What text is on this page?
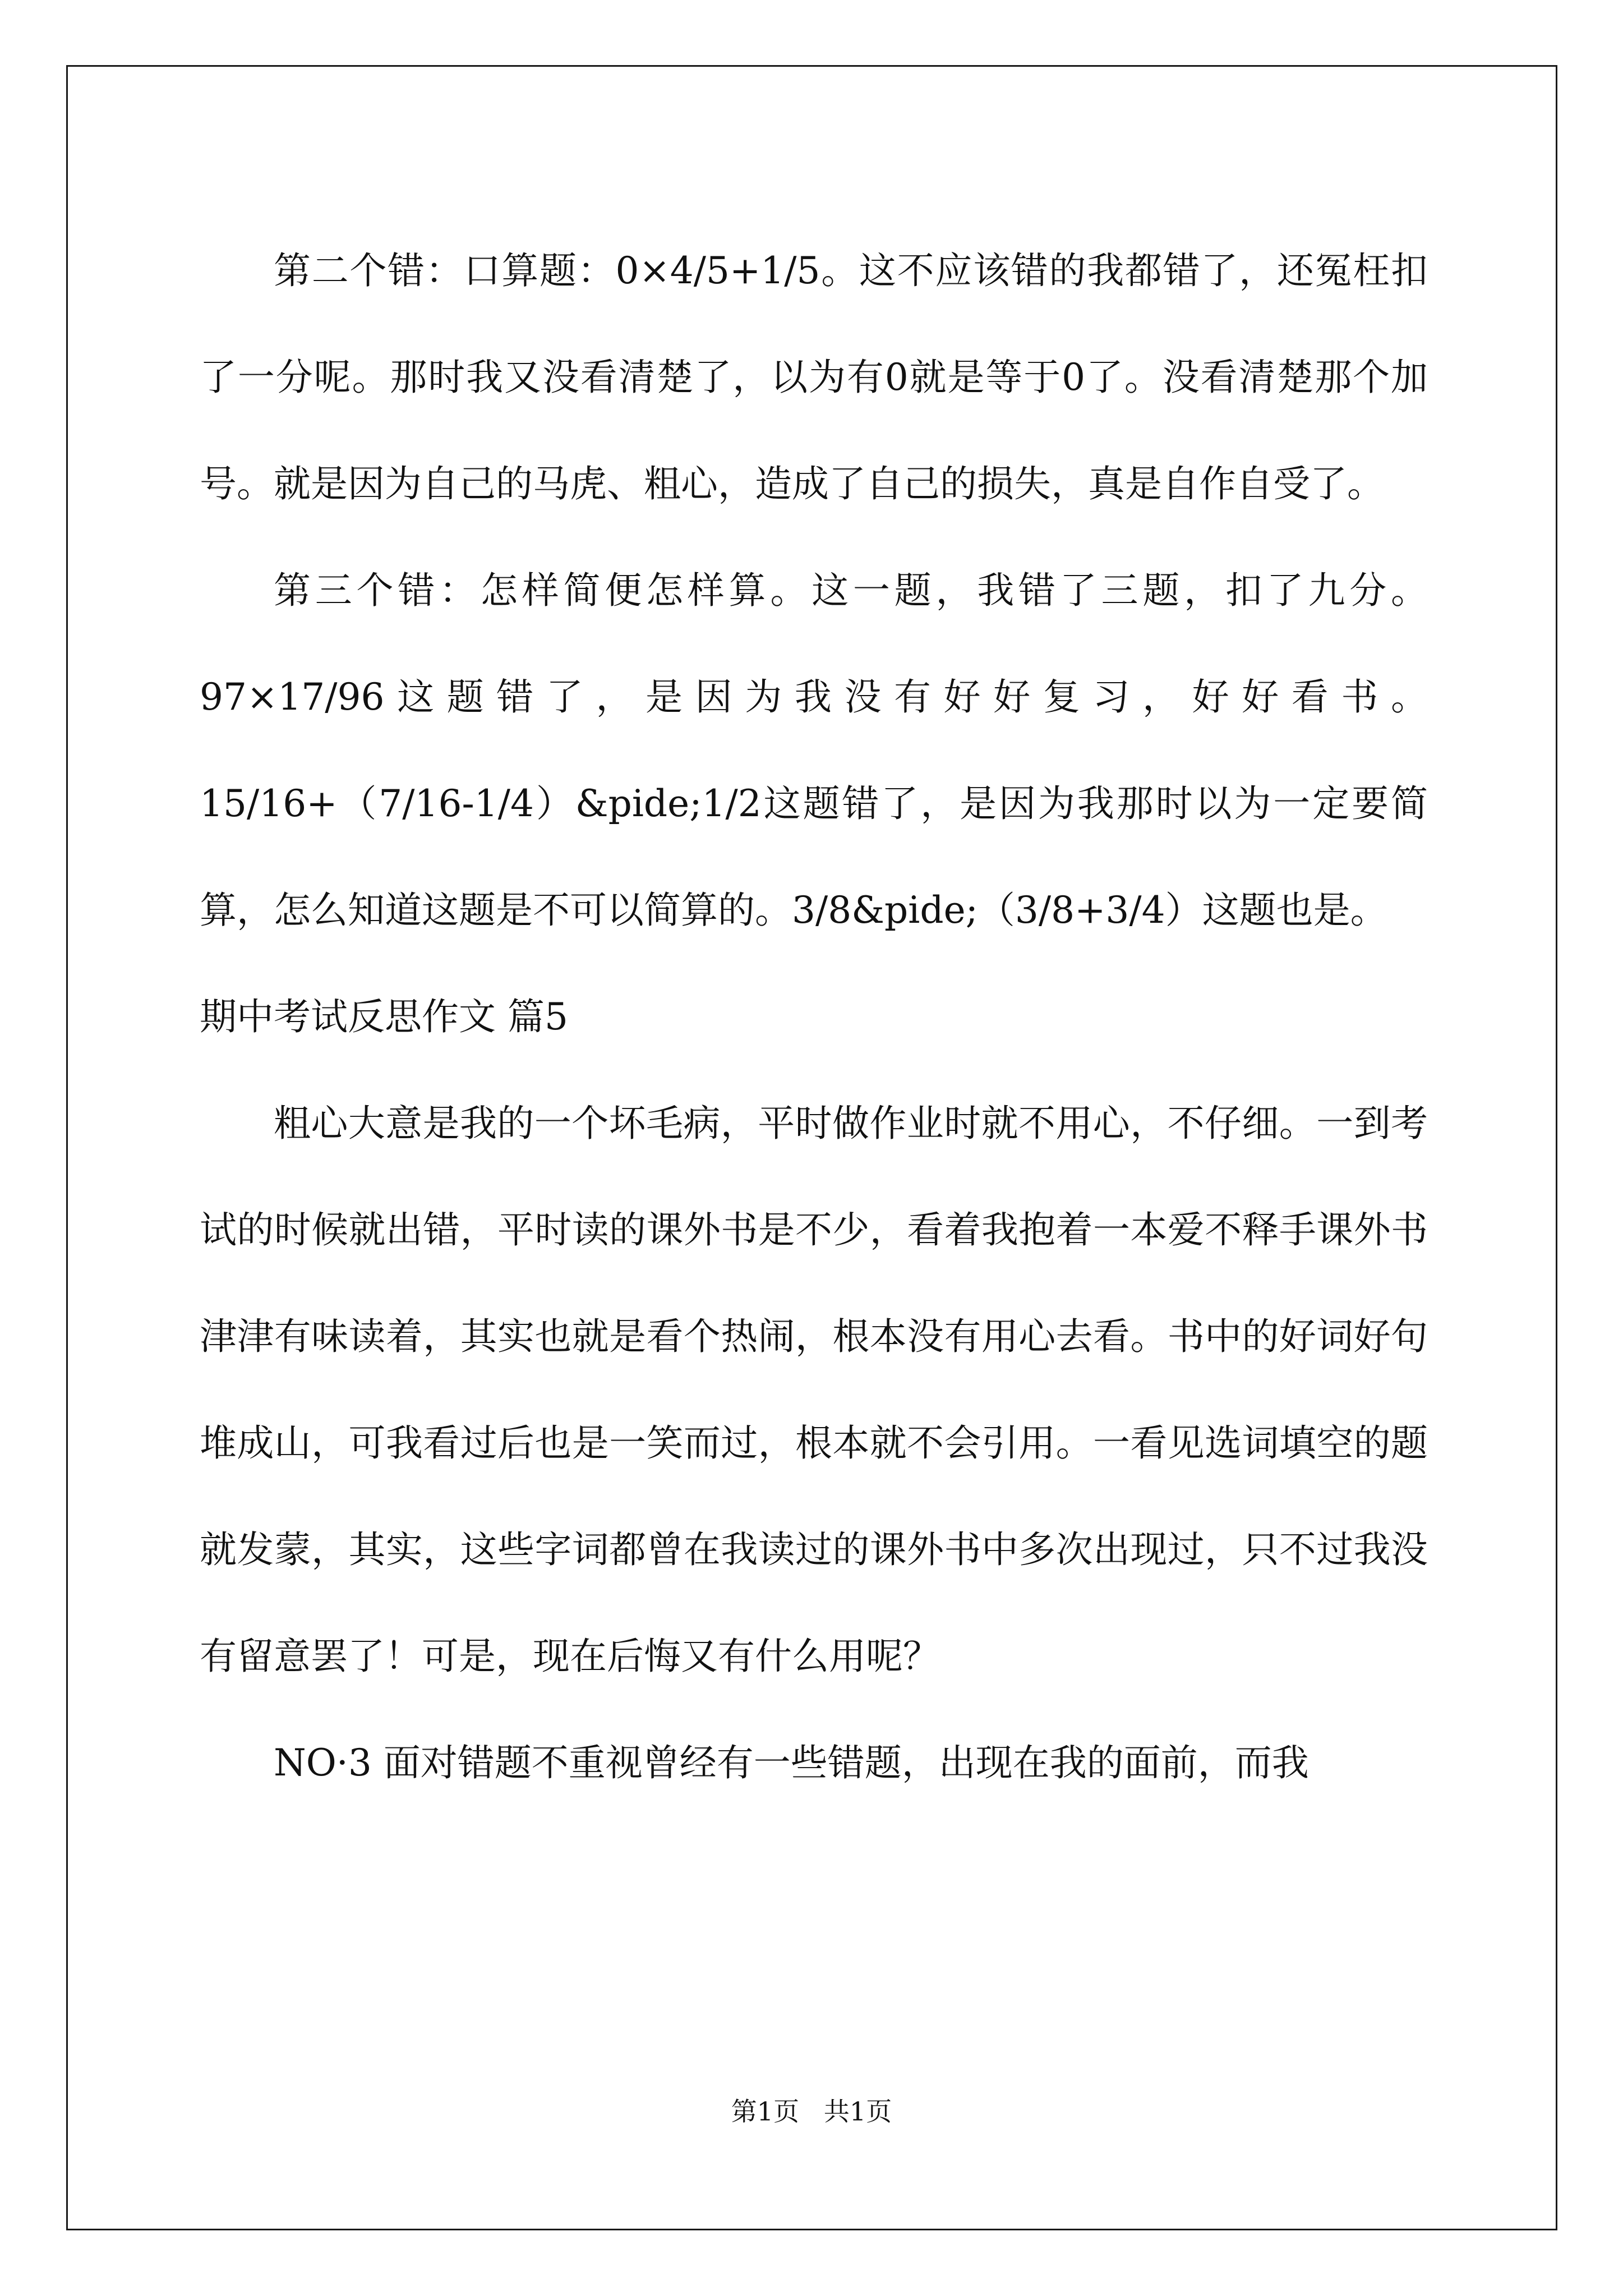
第二个错：口算题：0×4/5+1/5。这不应该错的我都错了，还冤枉扣了一分呢。那时我又没看清楚了，以为有0就是等于0了。没看清楚那个加号。就是因为自己的马虎、粗心，造成了自己的损失，真是自作自受了。

第三个错：怎样简便怎样算。这一题，我错了三题，扣了九分。97×17/96这题错了，是因为我没有好好复习，好好看书。15/16+（7/16-1/4）&pide;1/2这题错了，是因为我那时以为一定要简算，怎么知道这题是不可以简算的。3/8&pide;（3/8+3/4）这题也是。

期中考试反思作文 篇5

粗心大意是我的一个坏毛病，平时做作业时就不用心，不仔细。一到考试的时候就出错，平时读的课外书是不少，看着我抱着一本爱不释手课外书津津有味读着，其实也就是看个热闹，根本没有用心去看。书中的好词好句堆成山，可我看过后也是一笑而过，根本就不会引用。一看见选词填空的题就发蒙，其实，这些字词都曾在我读过的课外书中多次出现过，只不过我没有留意罢了！可是，现在后悔又有什么用呢？

NO·3 面对错题不重视曾经有一些错题，出现在我的面前，而我

第1页   共1页
